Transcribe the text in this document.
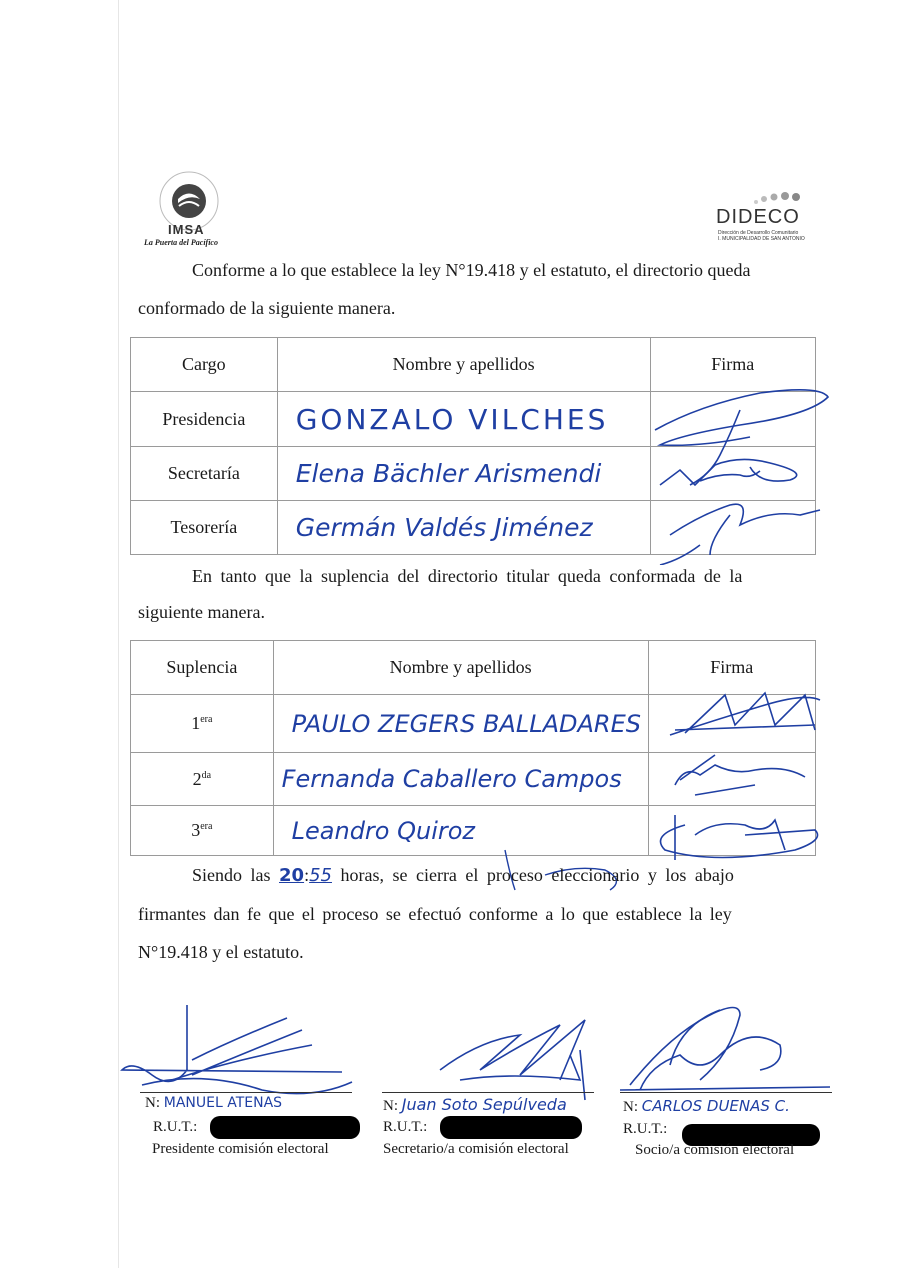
IMSA
La Puerta del Pacífico
DIDECO
Dirección de Desarrollo Comunitario
I. MUNICIPALIDAD DE SAN ANTONIO
Conforme a lo que establece la ley N°19.418 y el estatuto, el directorio queda
conformado de la siguiente manera.
Cargo	Nombre y apellidos	Firma
Presidencia	GONZALO VILCHES	
Secretaría	Elena Bächler Arismendi	
Tesorería	Germán Valdés Jiménez	
En tanto que la suplencia del directorio titular queda conformada de la
siguiente manera.
Suplencia	Nombre y apellidos	Firma
$1^{era}$	PAULO ZEGERS BALLADARES	
$2^{da}$	Fernanda Caballero Campos	
$3^{era}$	Leandro Quiroz	
Siendo las 20:55 horas, se cierra el proceso eleccionario y los abajo
firmantes dan fe que el proceso se efectuó conforme a lo que establece la ley
N°19.418 y el estatuto.
N: MANUEL ATENAS
R.U.T.:
Presidente comisión electoral
N: Juan Soto Sepúlveda
R.U.T.:
Secretario/a comisión electoral
N: CARLOS DUENAS C.
R.U.T.:
Socio/a comisión electoral
